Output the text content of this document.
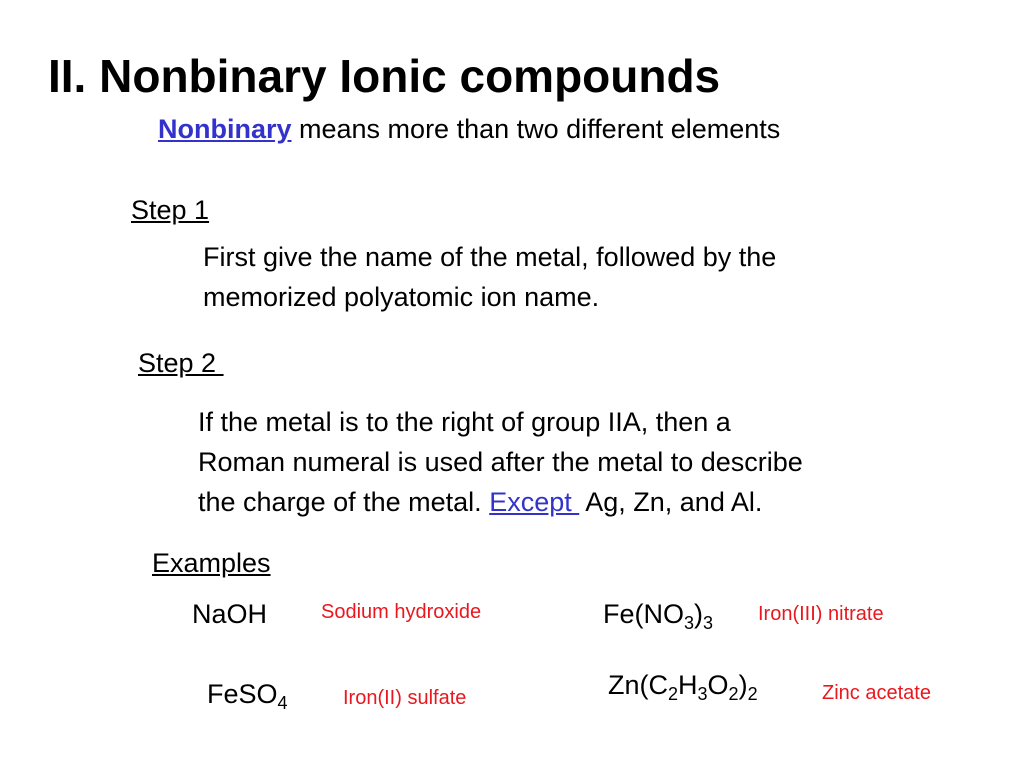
II. Nonbinary Ionic compounds
Nonbinary means more than two different elements
Step 1
First give the name of the metal, followed by the
memorized polyatomic ion name.
Step 2
If the metal is to the right of group IIA, then a
Roman numeral is used after the metal to describe
the charge of the metal. Except  Ag, Zn, and Al.
Examples
NaOH	Sodium hydroxide	$Fe(NO_3)_3$ Iron(III) nitrate
FeSO$_4$	Iron(II) sulfate	$Zn(C_2H_3O_2)_2$	Zinc acetate
